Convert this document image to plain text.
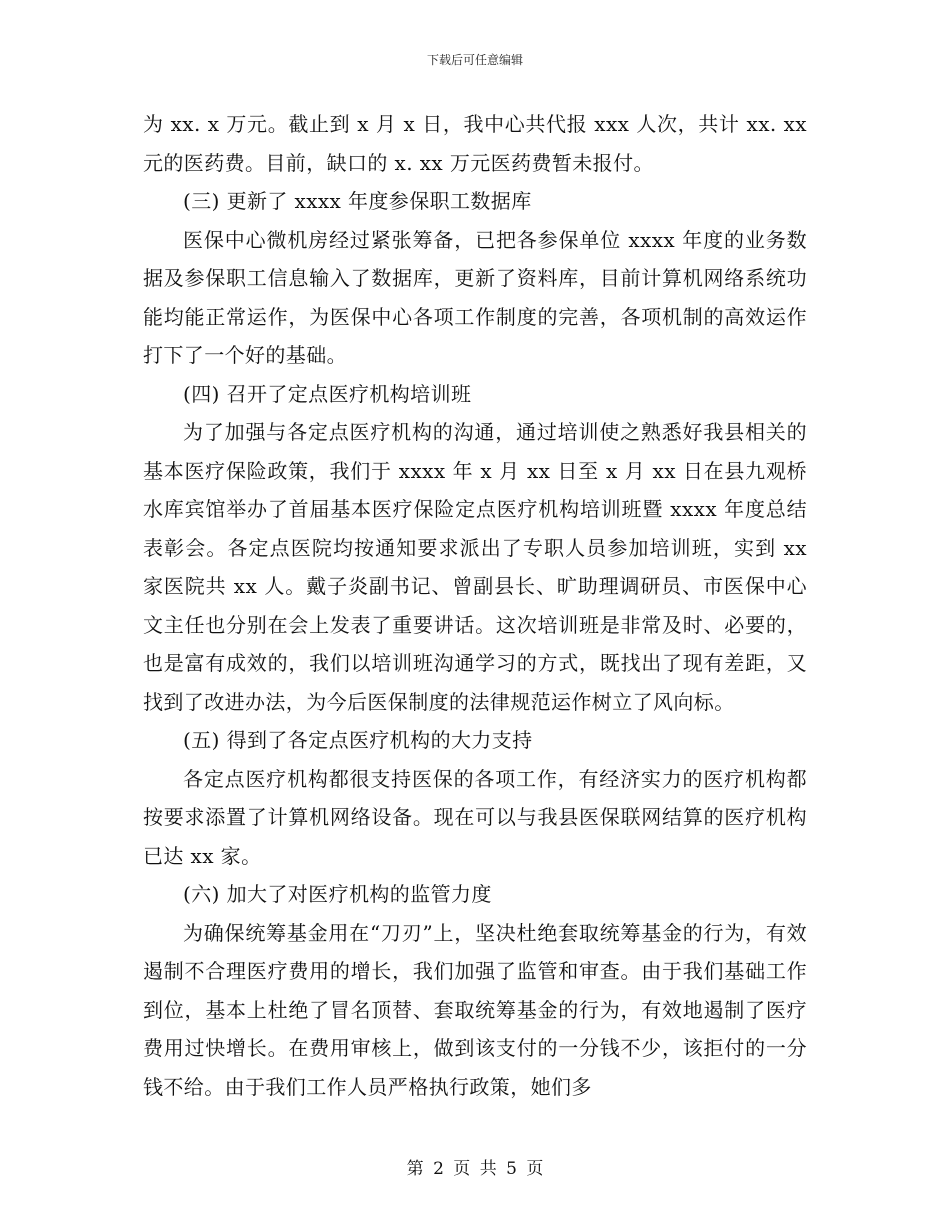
下载后可任意编辑

为 xx. x 万元。截止到 x 月 x 日，我中心共代报 xxx 人次，共计 xx. xx 元的医药费。目前，缺口的 x. xx 万元医药费暂未报付。

(三) 更新了 xxxx 年度参保职工数据库

医保中心微机房经过紧张筹备，已把各参保单位 xxxx 年度的业务数据及参保职工信息输入了数据库，更新了资料库，目前计算机网络系统功能均能正常运作，为医保中心各项工作制度的完善，各项机制的高效运作打下了一个好的基础。

(四) 召开了定点医疗机构培训班

为了加强与各定点医疗机构的沟通，通过培训使之熟悉好我县相关的基本医疗保险政策，我们于 xxxx 年 x 月 xx 日至 x 月 xx 日在县九观桥水库宾馆举办了首届基本医疗保险定点医疗机构培训班暨 xxxx 年度总结表彰会。各定点医院均按通知要求派出了专职人员参加培训班，实到 xx 家医院共 xx 人。戴子炎副书记、曾副县长、旷助理调研员、市医保中心文主任也分别在会上发表了重要讲话。这次培训班是非常及时、必要的，也是富有成效的，我们以培训班沟通学习的方式，既找出了现有差距，又找到了改进办法，为今后医保制度的法律规范运作树立了风向标。

(五) 得到了各定点医疗机构的大力支持

各定点医疗机构都很支持医保的各项工作，有经济实力的医疗机构都按要求添置了计算机网络设备。现在可以与我县医保联网结算的医疗机构已达 xx 家。

(六) 加大了对医疗机构的监管力度

为确保统筹基金用在“刀刃”上，坚决杜绝套取统筹基金的行为，有效遏制不合理医疗费用的增长，我们加强了监管和审查。由于我们基础工作到位，基本上杜绝了冒名顶替、套取统筹基金的行为，有效地遏制了医疗费用过快增长。在费用审核上，做到该支付的一分钱不少，该拒付的一分钱不给。由于我们工作人员严格执行政策，她们多

第 2 页 共 5 页
